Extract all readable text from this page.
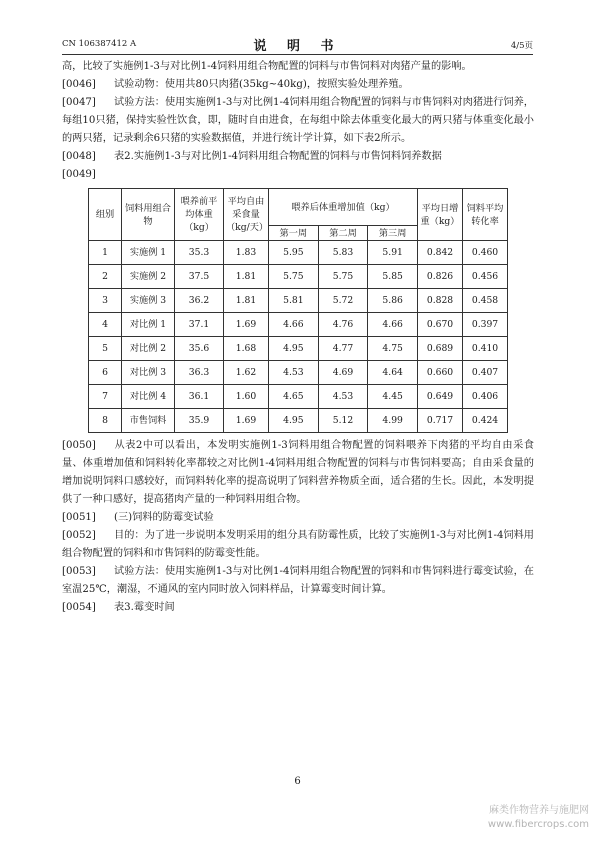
CN 106387412 A	说 明 书	4/5页

高，比较了实施例1-3与对比例1-4饲料用组合物配置的饲料与市售饲料对肉猪产量的影响。

[0046] 试验动物：使用共80只肉猪(35kg~40kg)，按照实验处理养殖。

[0047] 试验方法：使用实施例1-3与对比例1-4饲料用组合物配置的饲料与市售饲料对肉猪进行饲养，每组10只猪，保持实验性饮食，即，随时自由进食，在每组中除去体重变化最大的两只猪与体重变化最小的两只猪，记录剩余6只猪的实验数据值，并进行统计学计算，如下表2所示。

[0048] 表2.实施例1-3与对比例1-4饲料用组合物配置的饲料与市售饲料饲养数据

[0049]

组别	饲料用组合物	喂养前平均体重（kg）	平均自由采食量（kg/天）	喂养后体重增加值（kg）			平均日增重（kg）	饲料平均转化率
				第一周	第二周	第三周		
1	实施例 1	35.3	1.83	5.95	5.83	5.91	0.842	0.460
2	实施例 2	37.5	1.81	5.75	5.75	5.85	0.826	0.456
3	实施例 3	36.2	1.81	5.81	5.72	5.86	0.828	0.458
4	对比例 1	37.1	1.69	4.66	4.76	4.66	0.670	0.397
5	对比例 2	35.6	1.68	4.95	4.77	4.75	0.689	0.410
6	对比例 3	36.3	1.62	4.53	4.69	4.64	0.660	0.407
7	对比例 4	36.1	1.60	4.65	4.53	4.45	0.649	0.406
8	市售饲料	35.9	1.69	4.95	5.12	4.99	0.717	0.424

[0050] 从表2中可以看出，本发明实施例1-3饲料用组合物配置的饲料喂养下肉猪的平均自由采食量、体重增加值和饲料转化率都较之对比例1-4饲料用组合物配置的饲料与市售饲料要高；自由采食量的增加说明饲料口感较好，而饲料转化率的提高说明了饲料营养物质全面，适合猪的生长。因此，本发明提供了一种口感好，提高猪肉产量的一种饲料用组合物。

[0051] (三)饲料的防霉变试验

[0052] 目的：为了进一步说明本发明采用的组分具有防霉性质，比较了实施例1-3与对比例1-4饲料用组合物配置的饲料和市售饲料的防霉变性能。

[0053] 试验方法：使用实施例1-3与对比例1-4饲料用组合物配置的饲料和市售饲料进行霉变试验，在室温25℃，潮湿，不通风的室内同时放入饲料样品，计算霉变时间计算。

[0054] 表3.霉变时间

6
麻类作物营养与施肥网
www.fibercrops.com
